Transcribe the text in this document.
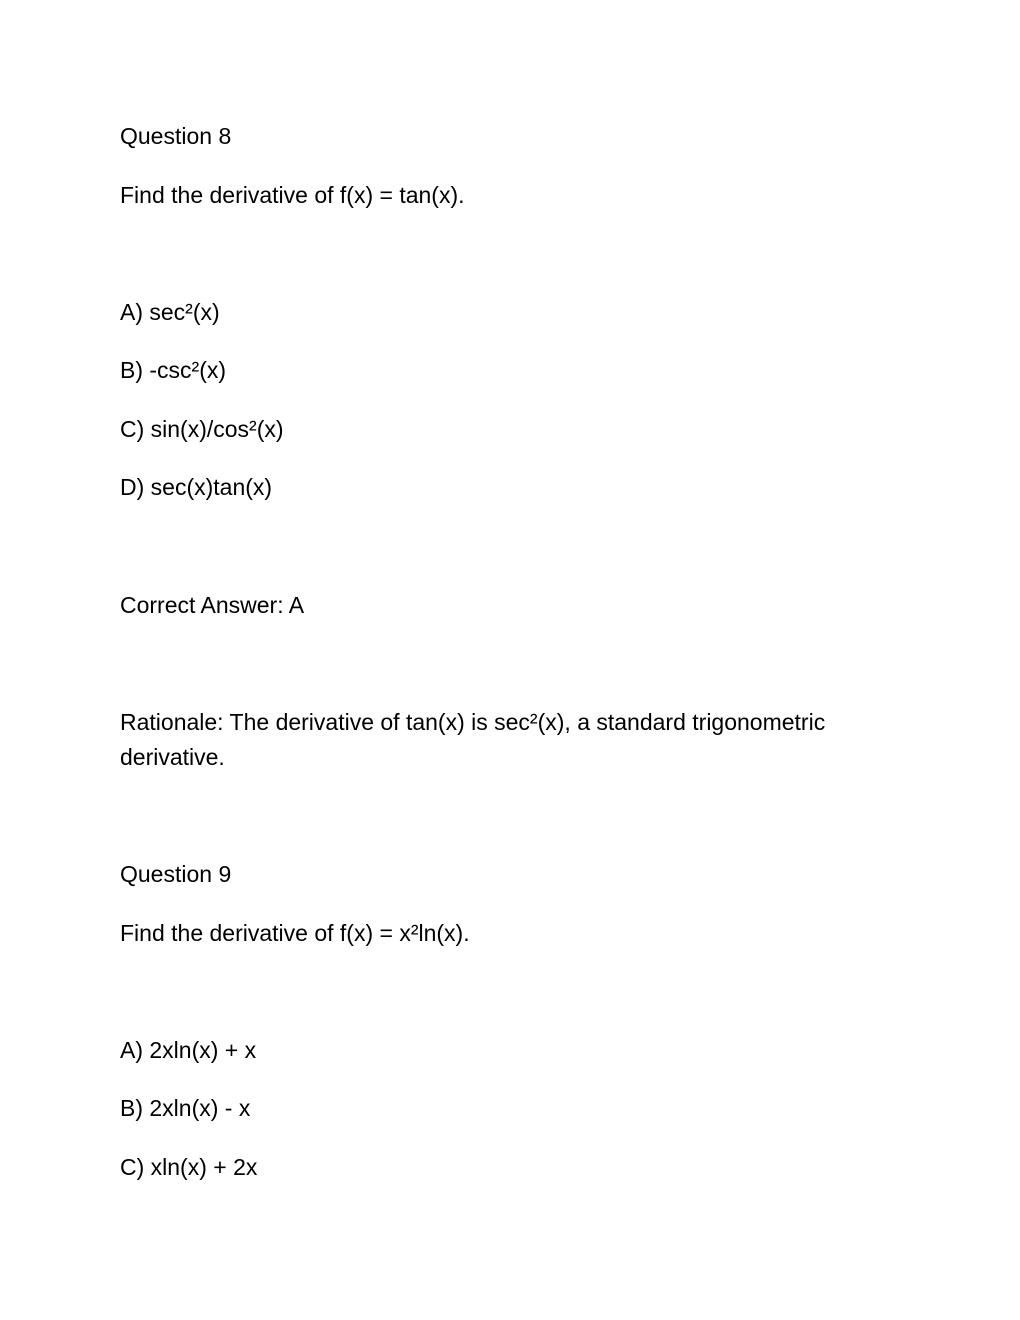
Question 8
Find the derivative of f(x) = tan(x).
A) sec²(x)
B) -csc²(x)
C) sin(x)/cos²(x)
D) sec(x)tan(x)
Correct Answer: A
Rationale: The derivative of tan(x) is sec²(x), a standard trigonometric derivative.
Question 9
Find the derivative of f(x) = x²ln(x).
A) 2xln(x) + x
B) 2xln(x) - x
C) xln(x) + 2x
